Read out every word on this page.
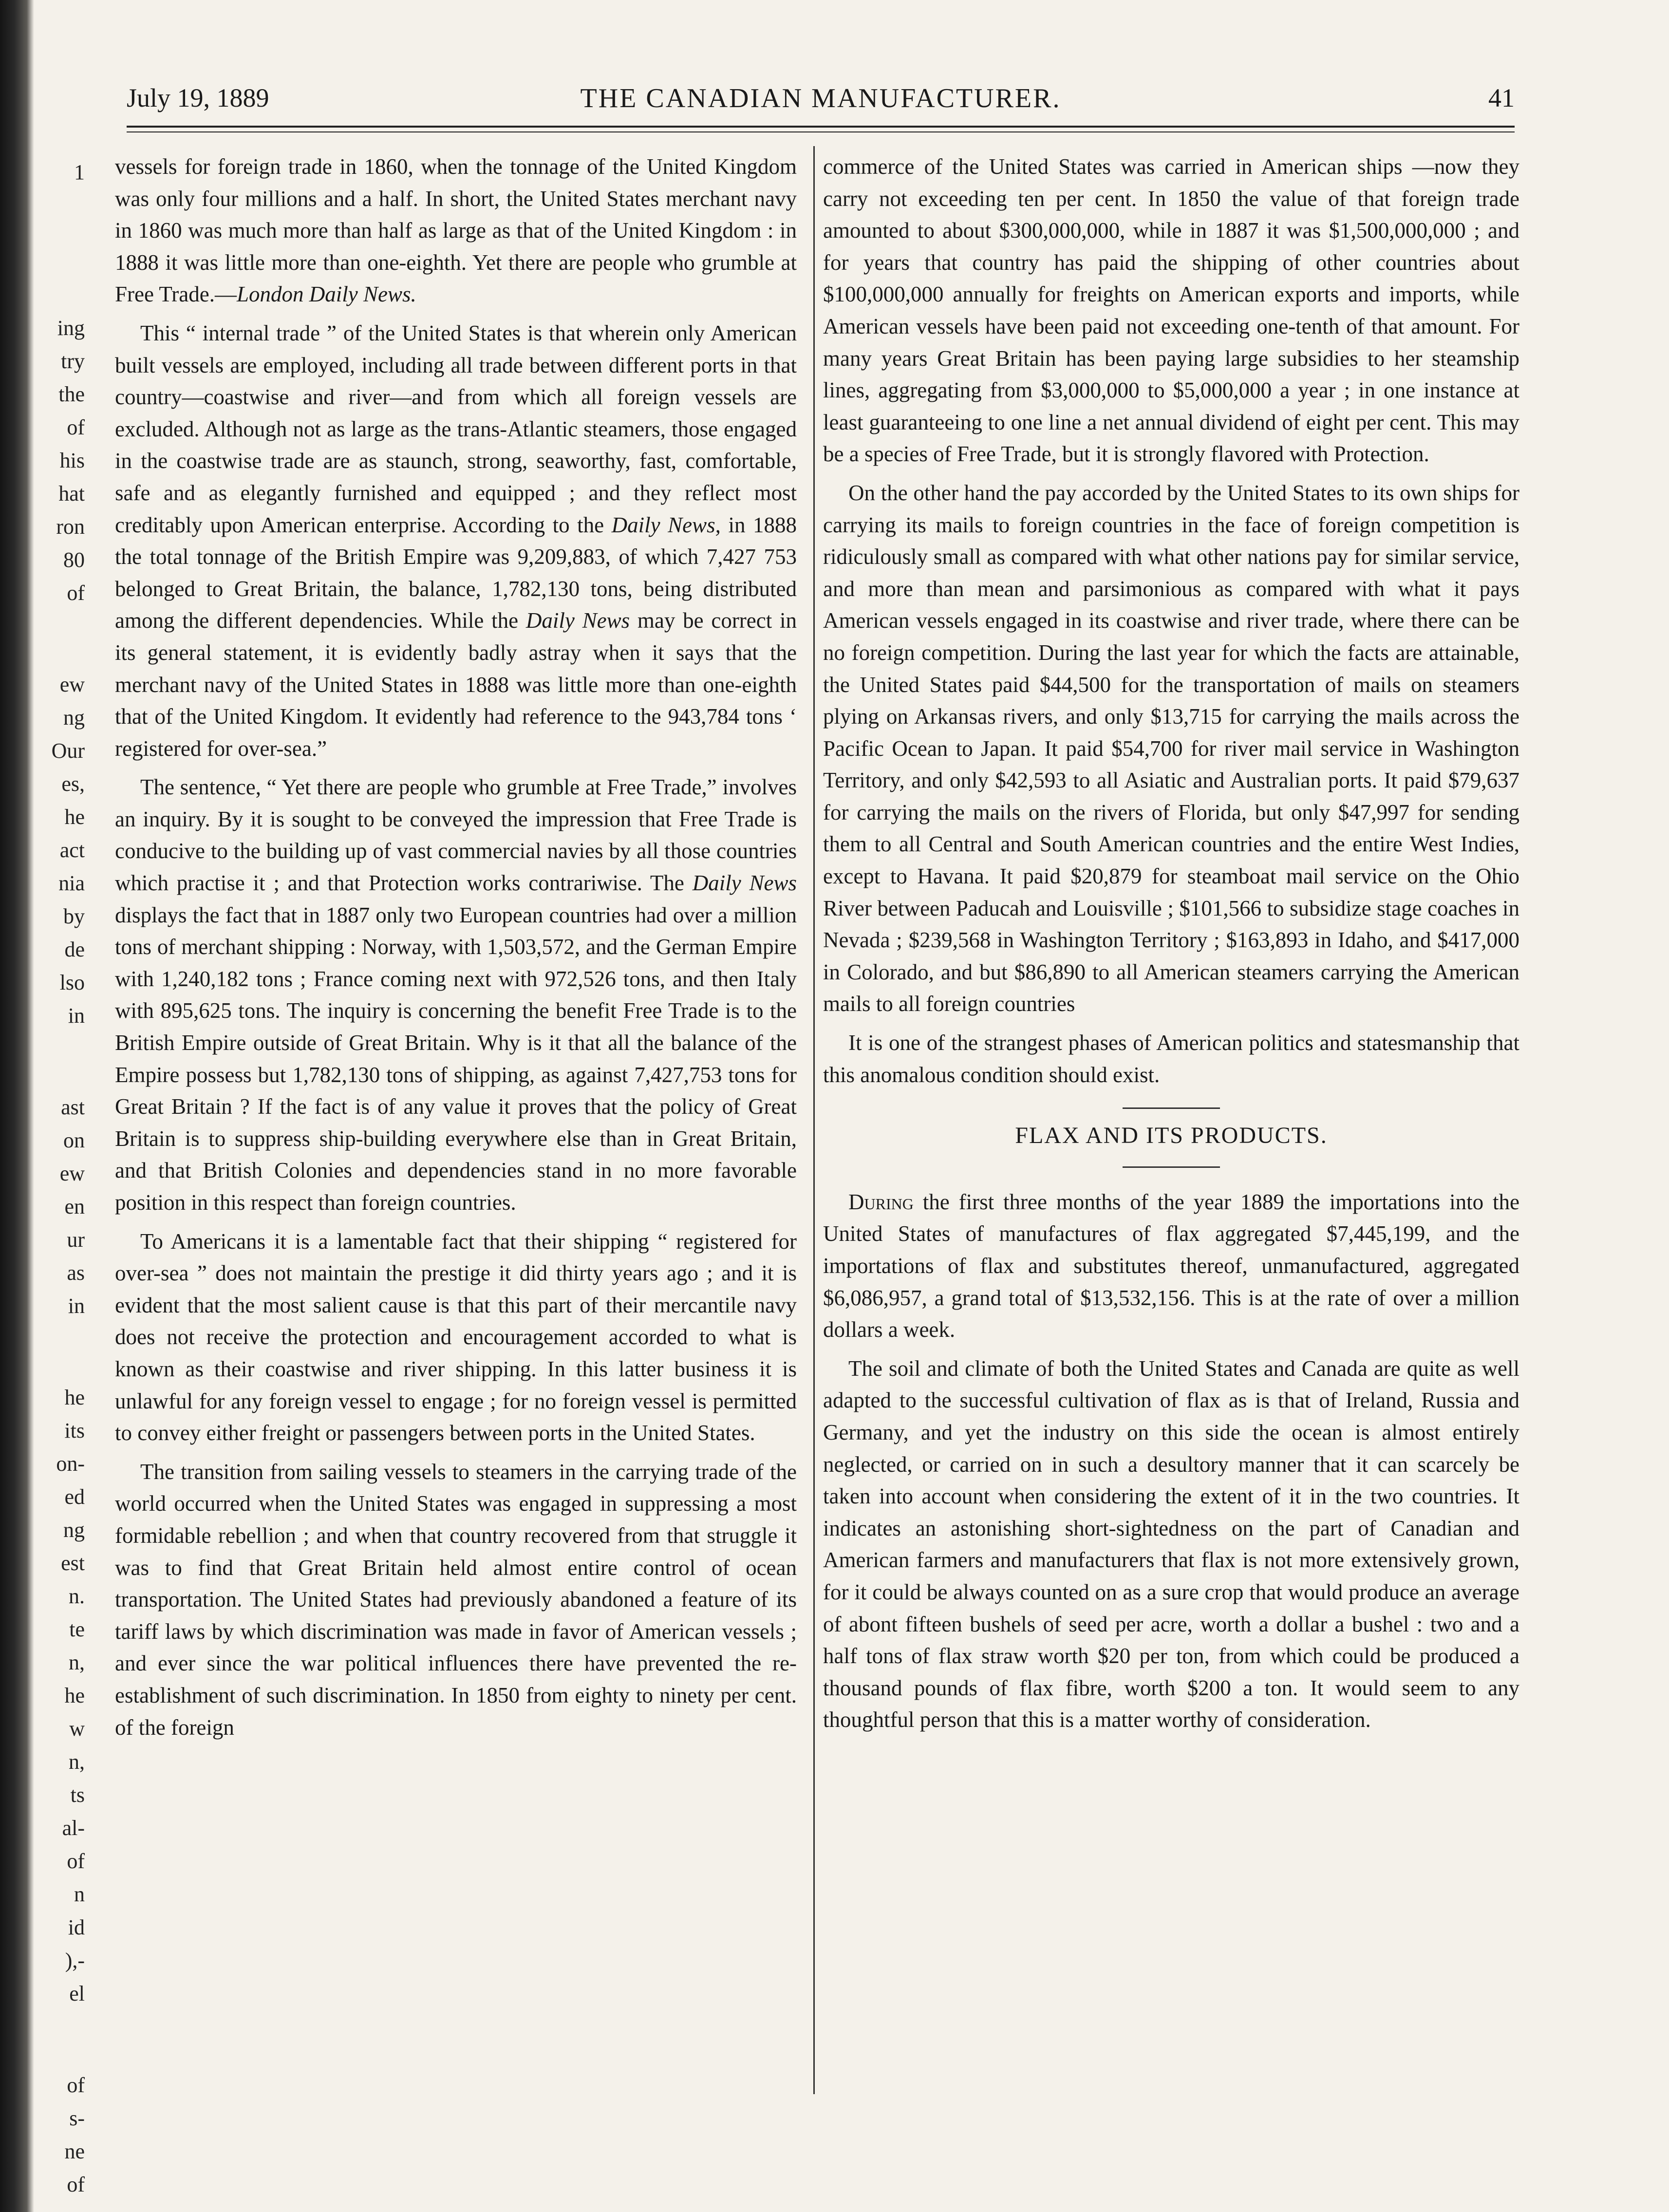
1
ing
try
the
of
his
hat
ron
80
of
ew
ng
Our
es,
he
act
nia
by
de
lso
in
ast
on
ew
en
ur
as
in
he
its
on-
ed
ng
est
n.
te
n,
he
w
n,
ts
al-
of
n
id
),-
el
of
s-
ne
of
July 19, 1889	THE CANADIAN MANUFACTURER.	41

vessels for foreign trade in 1860, when the tonnage of the United Kingdom was only four millions and a half. In short, the United States merchant navy in 1860 was much more than half as large as that of the United Kingdom : in 1888 it was little more than one-eighth. Yet there are people who grumble at Free Trade.—London Daily News.

This “ internal trade ” of the United States is that wherein only American built vessels are employed, including all trade between different ports in that country—coastwise and river—and from which all foreign vessels are excluded. Although not as large as the trans-Atlantic steamers, those engaged in the coastwise trade are as staunch, strong, seaworthy, fast, comfortable, safe and as elegantly furnished and equipped ; and they reflect most creditably upon American enterprise. According to the Daily News, in 1888 the total tonnage of the British Empire was 9,209,883, of which 7,427 753 belonged to Great Britain, the balance, 1,782,130 tons, being distributed among the different dependencies. While the Daily News may be correct in its general statement, it is evidently badly astray when it says that the merchant navy of the United States in 1888 was little more than one-eighth that of the United Kingdom. It evidently had reference to the 943,784 tons ‘ registered for over-sea.”

The sentence, “ Yet there are people who grumble at Free Trade,” involves an inquiry. By it is sought to be conveyed the impression that Free Trade is conducive to the building up of vast commercial navies by all those countries which practise it ; and that Protection works contrariwise. The Daily News displays the fact that in 1887 only two European countries had over a million tons of merchant shipping : Norway, with 1,503,572, and the German Empire with 1,240,182 tons ; France coming next with 972,526 tons, and then Italy with 895,625 tons. The inquiry is concerning the benefit Free Trade is to the British Empire outside of Great Britain. Why is it that all the balance of the Empire possess but 1,782,130 tons of shipping, as against 7,427,753 tons for Great Britain ? If the fact is of any value it proves that the policy of Great Britain is to suppress ship-building everywhere else than in Great Britain, and that British Colonies and dependencies stand in no more favorable position in this respect than foreign countries.

To Americans it is a lamentable fact that their shipping “ registered for over-sea ” does not maintain the prestige it did thirty years ago ; and it is evident that the most salient cause is that this part of their mercantile navy does not receive the protection and encouragement accorded to what is known as their coastwise and river shipping. In this latter business it is unlawful for any foreign vessel to engage ; for no foreign vessel is permitted to convey either freight or passengers between ports in the United States.

The transition from sailing vessels to steamers in the carrying trade of the world occurred when the United States was engaged in suppressing a most formidable rebellion ; and when that country recovered from that struggle it was to find that Great Britain held almost entire control of ocean transportation. The United States had previously abandoned a feature of its tariff laws by which discrimination was made in favor of American vessels ; and ever since the war political influences there have prevented the re-establishment of such discrimination. In 1850 from eighty to ninety per cent. of the foreign

commerce of the United States was carried in American ships —now they carry not exceeding ten per cent. In 1850 the value of that foreign trade amounted to about $300,000,000, while in 1887 it was $1,500,000,000 ; and for years that country has paid the shipping of other countries about $100,000,000 annually for freights on American exports and imports, while American vessels have been paid not exceeding one-tenth of that amount. For many years Great Britain has been paying large subsidies to her steamship lines, aggregating from $3,000,000 to $5,000,000 a year ; in one instance at least guaranteeing to one line a net annual dividend of eight per cent. This may be a species of Free Trade, but it is strongly flavored with Protection.

On the other hand the pay accorded by the United States to its own ships for carrying its mails to foreign countries in the face of foreign competition is ridiculously small as compared with what other nations pay for similar service, and more than mean and parsimonious as compared with what it pays American vessels engaged in its coastwise and river trade, where there can be no foreign competition. During the last year for which the facts are attainable, the United States paid $44,500 for the transportation of mails on steamers plying on Arkansas rivers, and only $13,715 for carrying the mails across the Pacific Ocean to Japan. It paid $54,700 for river mail service in Washington Territory, and only $42,593 to all Asiatic and Australian ports. It paid $79,637 for carrying the mails on the rivers of Florida, but only $47,997 for sending them to all Central and South American countries and the entire West Indies, except to Havana. It paid $20,879 for steamboat mail service on the Ohio River between Paducah and Louisville ; $101,566 to subsidize stage coaches in Nevada ; $239,568 in Washington Territory ; $163,893 in Idaho, and $417,000 in Colorado, and but $86,890 to all American steamers carrying the American mails to all foreign countries

It is one of the strangest phases of American politics and statesmanship that this anomalous condition should exist.

FLAX AND ITS PRODUCTS.

During the first three months of the year 1889 the importations into the United States of manufactures of flax aggregated $7,445,199, and the importations of flax and substitutes thereof, unmanufactured, aggregated $6,086,957, a grand total of $13,532,156. This is at the rate of over a million dollars a week.

The soil and climate of both the United States and Canada are quite as well adapted to the successful cultivation of flax as is that of Ireland, Russia and Germany, and yet the industry on this side the ocean is almost entirely neglected, or carried on in such a desultory manner that it can scarcely be taken into account when considering the extent of it in the two countries. It indicates an astonishing short-sightedness on the part of Canadian and American farmers and manufacturers that flax is not more extensively grown, for it could be always counted on as a sure crop that would produce an average of abont fifteen bushels of seed per acre, worth a dollar a bushel : two and a half tons of flax straw worth $20 per ton, from which could be produced a thousand pounds of flax fibre, worth $200 a ton. It would seem to any thoughtful person that this is a matter worthy of consideration.
